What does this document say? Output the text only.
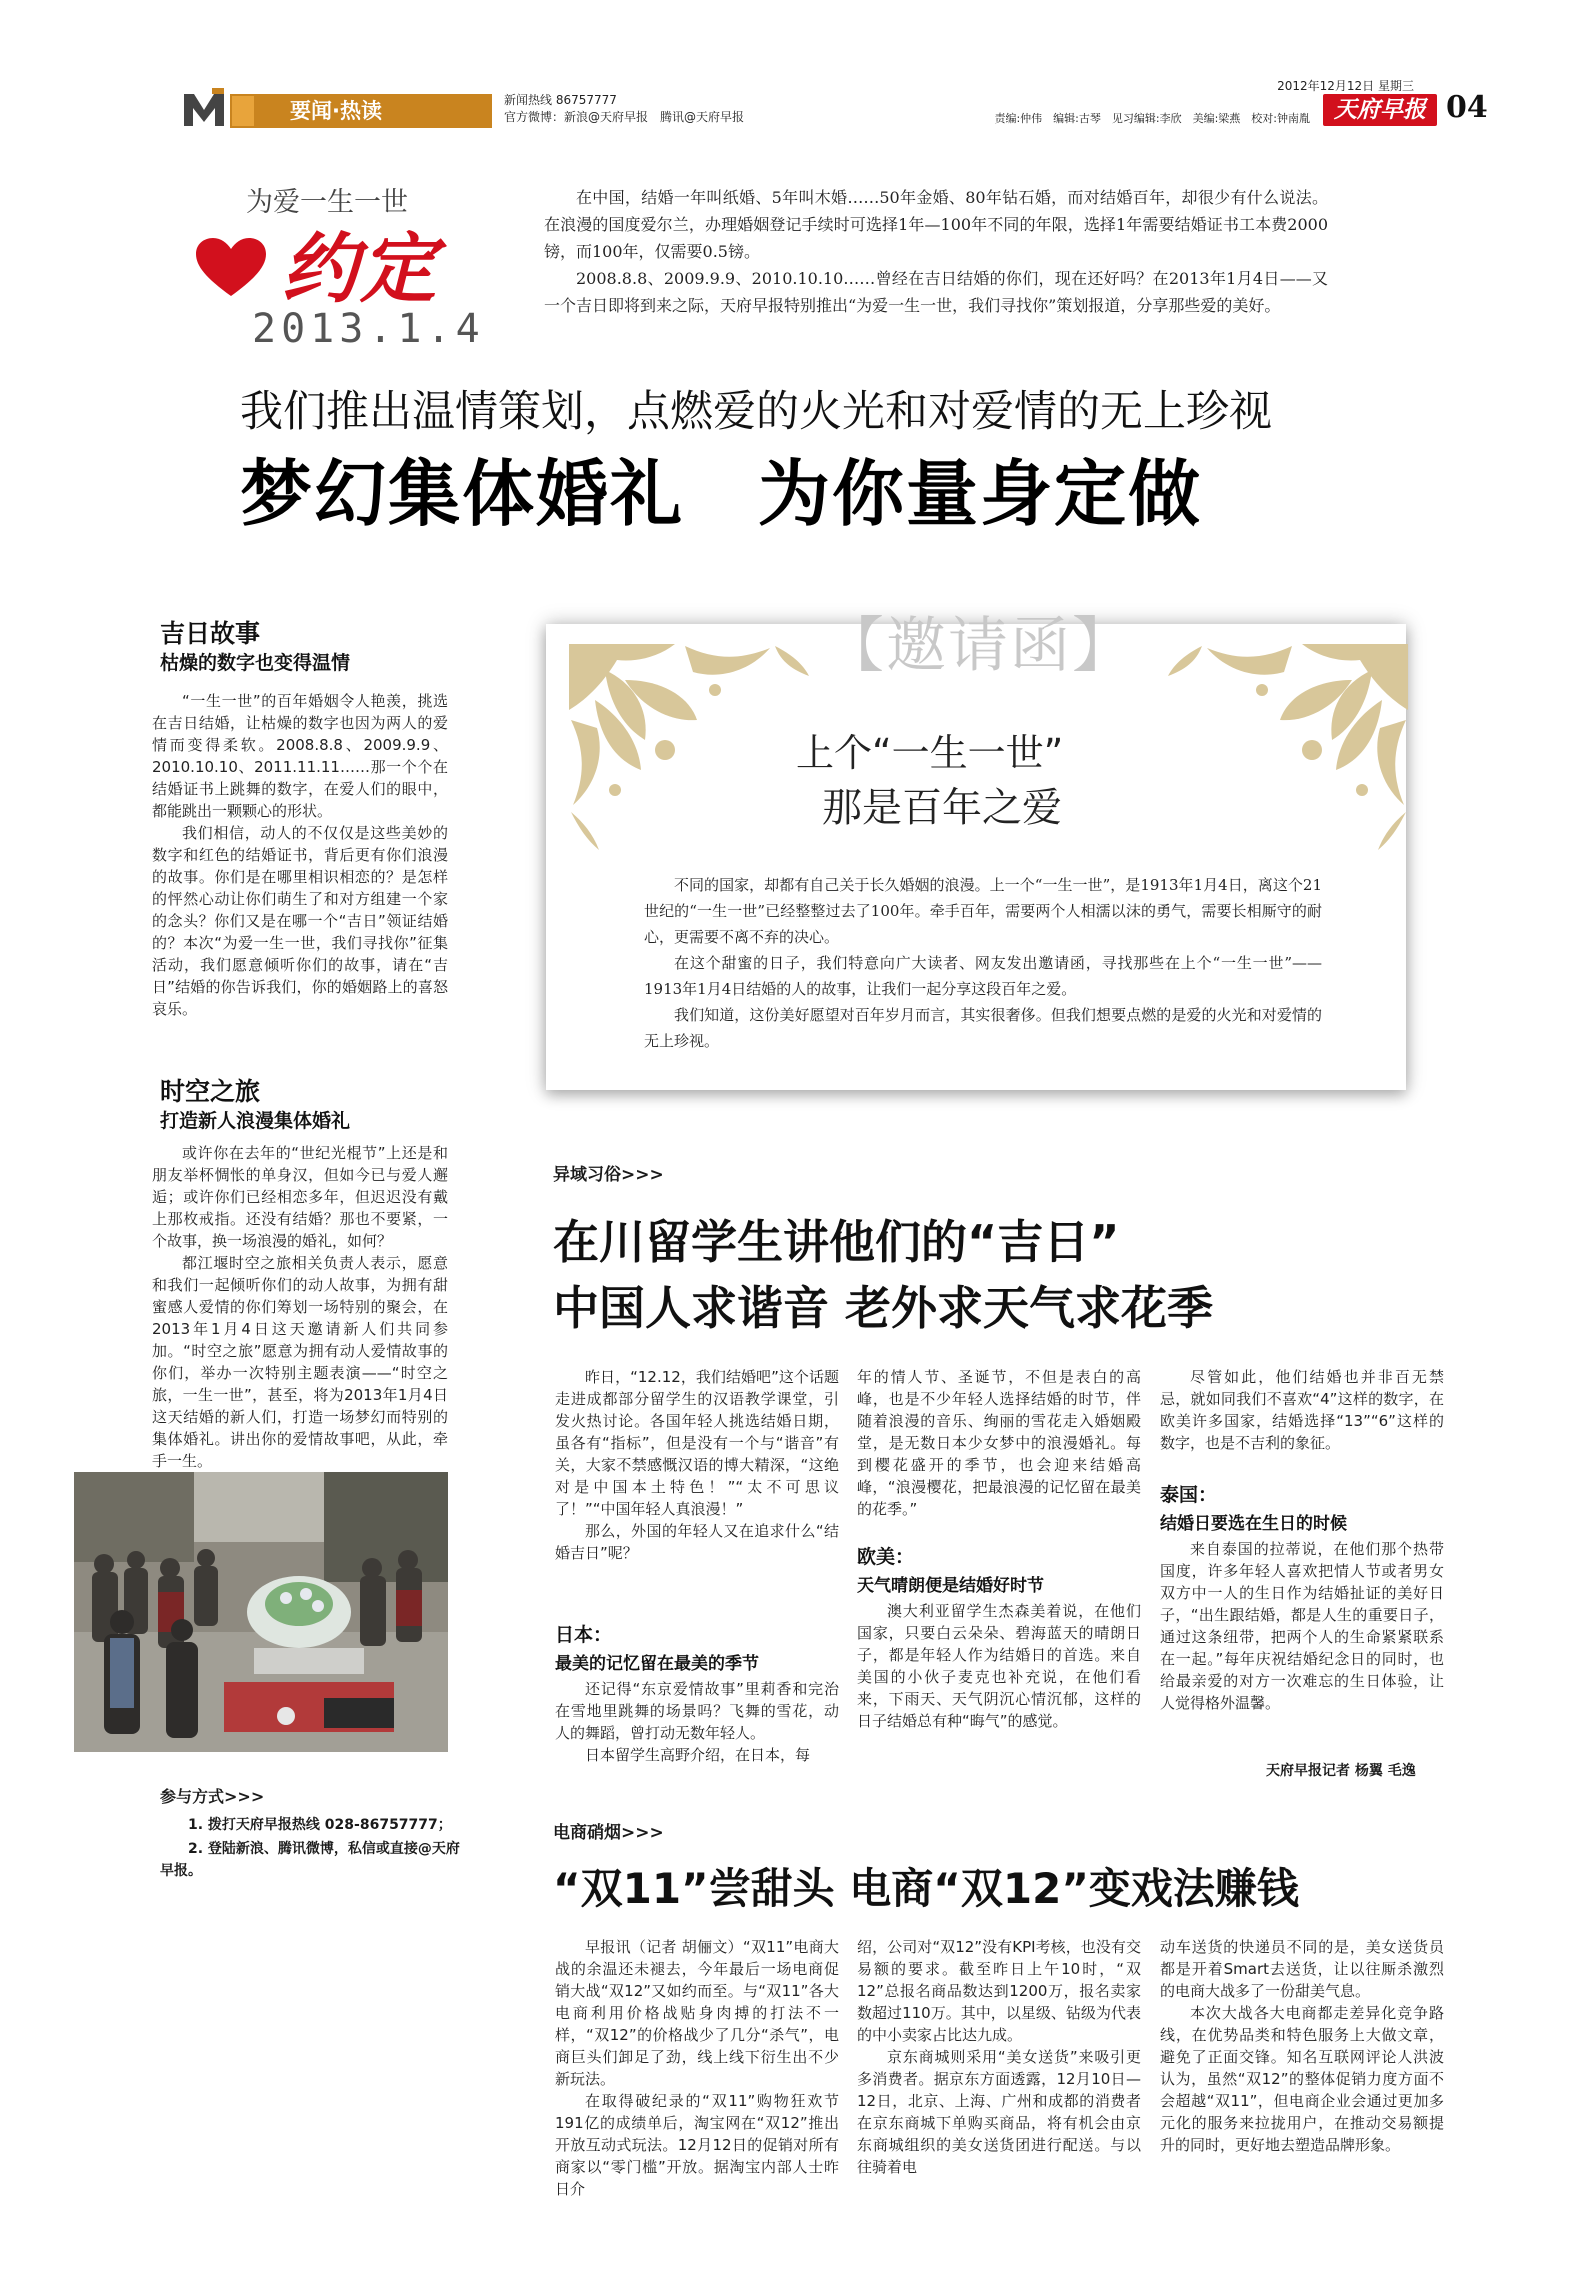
要闻·热读	新闻热线 86757777
官方微博：新浪@天府早报　腾讯@天府早报
2012年12月12日 星期三
责编:仲伟　编辑:古琴　见习编辑:李欣　美编:梁燕　校对:钟南胤	天府早报 04
为爱一生一世
约定
2013.1.4

在中国，结婚一年叫纸婚、5年叫木婚……50年金婚、80年钻石婚，而对结婚百年，却很少有什么说法。在浪漫的国度爱尔兰，办理婚姻登记手续时可选择1年—100年不同的年限，选择1年需要结婚证书工本费2000镑，而100年，仅需要0.5镑。

2008.8.8、2009.9.9、2010.10.10……曾经在吉日结婚的你们，现在还好吗？在2013年1月4日——又一个吉日即将到来之际，天府早报特别推出“为爱一生一世，我们寻找你”策划报道，分享那些爱的美好。

我们推出温情策划，点燃爱的火光和对爱情的无上珍视
梦幻集体婚礼　为你量身定做
吉日故事
枯燥的数字也变得温情

“一生一世”的百年婚姻令人艳羡，挑选在吉日结婚，让枯燥的数字也因为两人的爱情而变得柔软。2008.8.8、2009.9.9、2010.10.10、2011.11.11……那一个个在结婚证书上跳舞的数字，在爱人们的眼中，都能跳出一颗颗心的形状。

我们相信，动人的不仅仅是这些美妙的数字和红色的结婚证书，背后更有你们浪漫的故事。你们是在哪里相识相恋的？是怎样的怦然心动让你们萌生了和对方组建一个家的念头？你们又是在哪一个“吉日”领证结婚的？本次“为爱一生一世，我们寻找你”征集活动，我们愿意倾听你们的故事，请在“吉日”结婚的你告诉我们，你的婚姻路上的喜怒哀乐。

时空之旅
打造新人浪漫集体婚礼

或许你在去年的“世纪光棍节”上还是和朋友举杯惆怅的单身汉，但如今已与爱人邂逅；或许你们已经相恋多年，但迟迟没有戴上那枚戒指。还没有结婚？那也不要紧，一个故事，换一场浪漫的婚礼，如何？

都江堰时空之旅相关负责人表示，愿意和我们一起倾听你们的动人故事，为拥有甜蜜感人爱情的你们筹划一场特别的聚会，在2013年1月4日这天邀请新人们共同参加。“时空之旅”愿意为拥有动人爱情故事的你们，举办一次特别主题表演——“时空之旅，一生一世”，甚至，将为2013年1月4日这天结婚的新人们，打造一场梦幻而特别的集体婚礼。讲出你的爱情故事吧，从此，牵手一生。

参与方式>>>
1. 拨打天府早报热线 028-86757777；
2. 登陆新浪、腾讯微博，私信或直接@天府早报。
【邀请函】
上个“一生一世”
那是百年之爱

不同的国家，却都有自己关于长久婚姻的浪漫。上一个“一生一世”，是1913年1月4日，离这个21世纪的“一生一世”已经整整过去了100年。牵手百年，需要两个人相濡以沫的勇气，需要长相厮守的耐心，更需要不离不弃的决心。

在这个甜蜜的日子，我们特意向广大读者、网友发出邀请函，寻找那些在上个“一生一世”——1913年1月4日结婚的人的故事，让我们一起分享这段百年之爱。

我们知道，这份美好愿望对百年岁月而言，其实很奢侈。但我们想要点燃的是爱的火光和对爱情的无上珍视。

异域习俗>>>
在川留学生讲他们的“吉日”
中国人求谐音 老外求天气求花季

昨日，“12.12，我们结婚吧”这个话题走进成都部分留学生的汉语教学课堂，引发火热讨论。各国年轻人挑选结婚日期，虽各有“指标”，但是没有一个与“谐音”有关，大家不禁感慨汉语的博大精深，“这绝对是中国本土特色！”“太不可思议了！”“中国年轻人真浪漫！”

那么，外国的年轻人又在追求什么“结婚吉日”呢？

日本：
最美的记忆留在最美的季节

还记得“东京爱情故事”里莉香和完治在雪地里跳舞的场景吗？飞舞的雪花，动人的舞蹈，曾打动无数年轻人。

日本留学生高野介绍，在日本，每

年的情人节、圣诞节，不但是表白的高峰，也是不少年轻人选择结婚的时节，伴随着浪漫的音乐、绚丽的雪花走入婚姻殿堂，是无数日本少女梦中的浪漫婚礼。每到樱花盛开的季节，也会迎来结婚高峰，“浪漫樱花，把最浪漫的记忆留在最美的花季。”

欧美：
天气晴朗便是结婚好时节

澳大利亚留学生杰森美着说，在他们国家，只要白云朵朵、碧海蓝天的晴朗日子，都是年轻人作为结婚日的首选。来自美国的小伙子麦克也补充说，在他们看来，下雨天、天气阴沉心情沉郁，这样的日子结婚总有种“晦气”的感觉。

尽管如此，他们结婚也并非百无禁忌，就如同我们不喜欢“4”这样的数字，在欧美许多国家，结婚选择“13”“6”这样的数字，也是不吉利的象征。

泰国：
结婚日要选在生日的时候

来自泰国的拉蒂说，在他们那个热带国度，许多年轻人喜欢把情人节或者男女双方中一人的生日作为结婚扯证的美好日子，“出生跟结婚，都是人生的重要日子，通过这条纽带，把两个人的生命紧紧联系在一起。”每年庆祝结婚纪念日的同时，也给最亲爱的对方一次难忘的生日体验，让人觉得格外温馨。

天府早报记者 杨翼 毛逸
电商硝烟>>>
“双11”尝甜头 电商“双12”变戏法赚钱

早报讯（记者 胡俪文）“双11”电商大战的余温还未褪去，今年最后一场电商促销大战“双12”又如约而至。与“双11”各大电商利用价格战贴身肉搏的打法不一样，“双12”的价格战少了几分“杀气”，电商巨头们卸足了劲，线上线下衍生出不少新玩法。

在取得破纪录的“双11”购物狂欢节191亿的成绩单后，淘宝网在“双12”推出开放互动式玩法。12月12日的促销对所有商家以“零门槛”开放。据淘宝内部人士昨日介

绍，公司对“双12”没有KPI考核，也没有交易额的要求。截至昨日上午10时，“双12”总报名商品数达到1200万，报名卖家数超过110万。其中，以星级、钻级为代表的中小卖家占比达九成。

京东商城则采用“美女送货”来吸引更多消费者。据京东方面透露，12月10日—12日，北京、上海、广州和成都的消费者在京东商城下单购买商品，将有机会由京东商城组织的美女送货团进行配送。与以往骑着电

动车送货的快递员不同的是，美女送货员都是开着Smart去送货，让以往厮杀激烈的电商大战多了一份甜美气息。

本次大战各大电商都走差异化竞争路线，在优势品类和特色服务上大做文章，避免了正面交锋。知名互联网评论人洪波认为，虽然“双12”的整体促销力度方面不会超越“双11”，但电商企业会通过更加多元化的服务来拉拢用户，在推动交易额提升的同时，更好地去塑造品牌形象。
